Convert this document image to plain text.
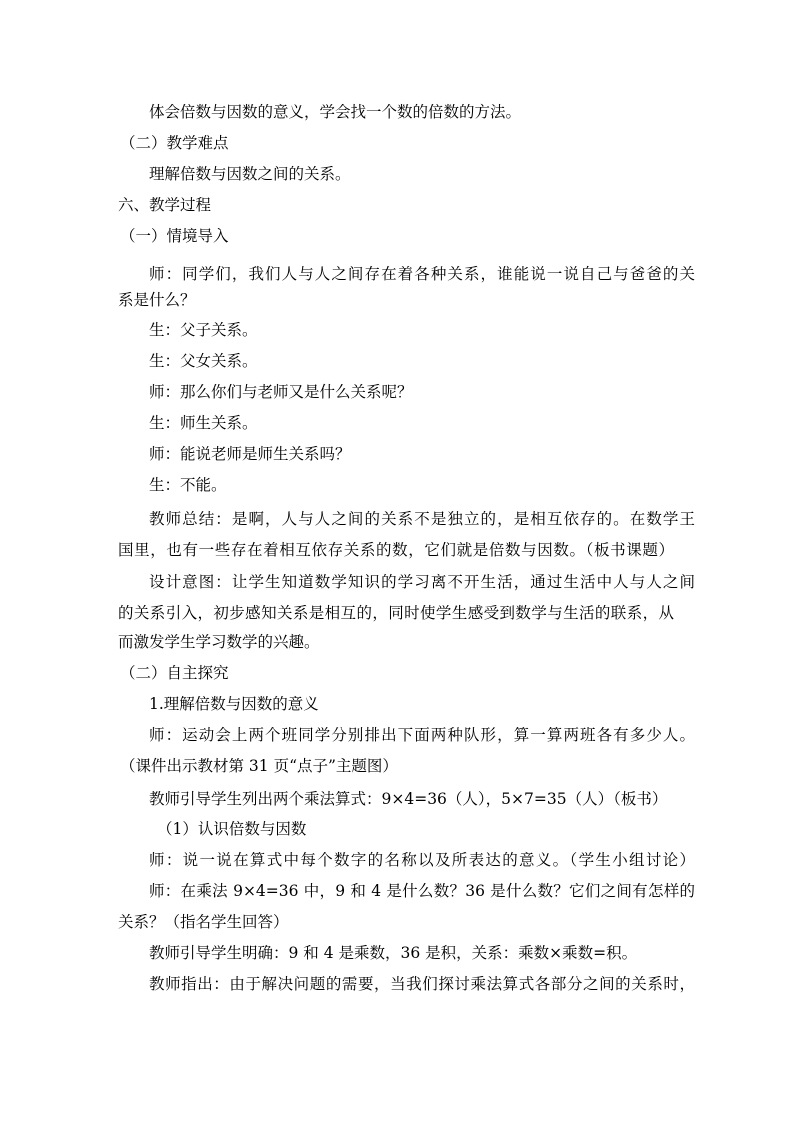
体会倍数与因数的意义，学会找一个数的倍数的方法。
（二）教学难点
理解倍数与因数之间的关系。
六、教学过程
（一）情境导入
师：同学们，我们人与人之间存在着各种关系，谁能说一说自己与爸爸的关
系是什么？
生：父子关系。
生：父女关系。
师：那么你们与老师又是什么关系呢？
生：师生关系。
师：能说老师是师生关系吗？
生：不能。
教师总结：是啊，人与人之间的关系不是独立的，是相互依存的。在数学王
国里，也有一些存在着相互依存关系的数，它们就是倍数与因数。（板书课题）
设计意图：让学生知道数学知识的学习离不开生活，通过生活中人与人之间
的关系引入，初步感知关系是相互的，同时使学生感受到数学与生活的联系，从
而激发学生学习数学的兴趣。
（二）自主探究
1.理解倍数与因数的意义
师：运动会上两个班同学分别排出下面两种队形，算一算两班各有多少人。
（课件出示教材第 31 页“点子”主题图）
教师引导学生列出两个乘法算式：9×4=36（人），5×7=35（人）（板书）
（1）认识倍数与因数
师：说一说在算式中每个数字的名称以及所表达的意义。（学生小组讨论）
师：在乘法 9×4=36 中，9 和 4 是什么数？36 是什么数？它们之间有怎样的
关系？（指名学生回答）
教师引导学生明确：9 和 4 是乘数，36 是积，关系：乘数×乘数=积。
教师指出：由于解决问题的需要，当我们探讨乘法算式各部分之间的关系时，
